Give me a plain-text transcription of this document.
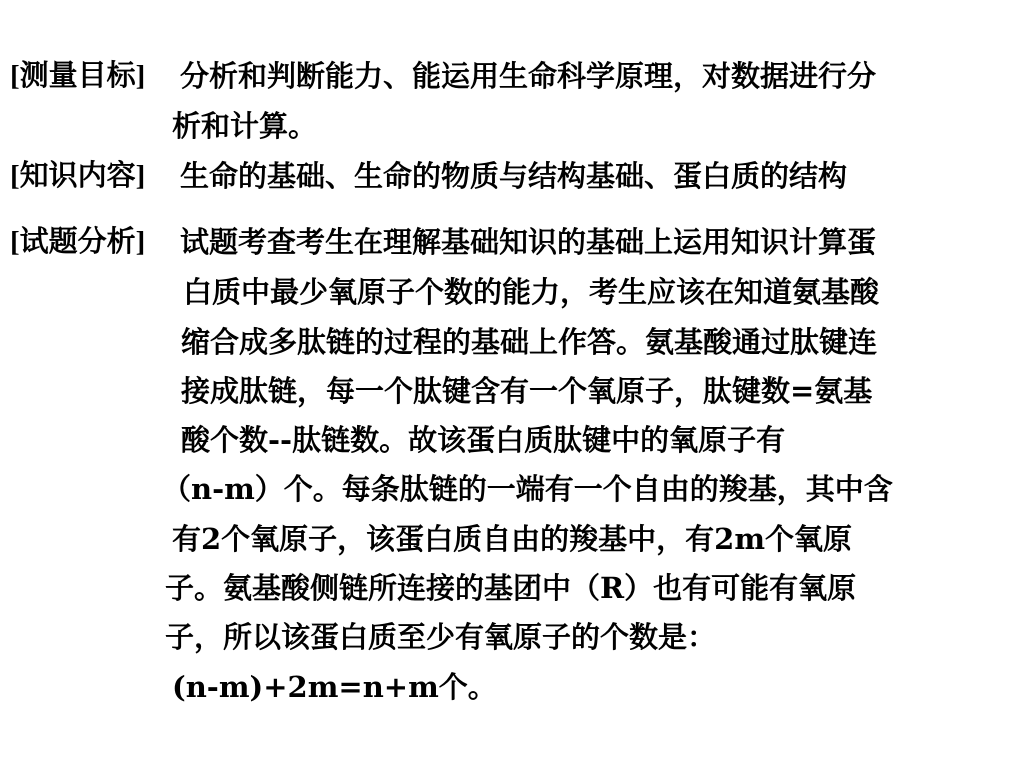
[测量目标] 分析和判断能力、能运用生命科学原理，对数据进行分
析和计算。
[知识内容] 生命的基础、生命的物质与结构基础、蛋白质的结构
[试题分析] 试题考查考生在理解基础知识的基础上运用知识计算蛋
白质中最少氧原子个数的能力，考生应该在知道氨基酸
缩合成多肽链的过程的基础上作答。氨基酸通过肽键连
接成肽链，每一个肽键含有一个氧原子，肽键数=氨基
酸个数--肽链数。故该蛋白质肽键中的氧原子有
（n-m）个。每条肽链的一端有一个自由的羧基，其中含
有2个氧原子，该蛋白质自由的羧基中，有2m个氧原
子。氨基酸侧链所连接的基团中（R）也有可能有氧原
子，所以该蛋白质至少有氧原子的个数是：
(n-m)+2m=n+m个。
